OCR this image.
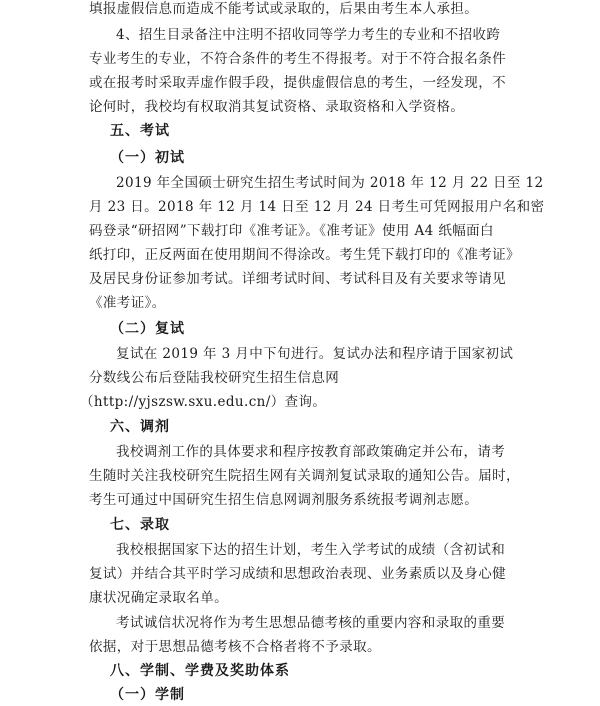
填报虚假信息而造成不能考试或录取的，后果由考生本人承担。
4、招生目录备注中注明不招收同等学力考生的专业和不招收跨
专业考生的专业，不符合条件的考生不得报考。对于不符合报名条件
或在报考时采取弄虚作假手段，提供虚假信息的考生，一经发现，不
论何时，我校均有权取消其复试资格、录取资格和入学资格。
五、考试
（一）初试
2019 年全国硕士研究生招生考试时间为 2018 年 12 月 22 日至 12
月 23 日。2018 年 12 月 14 日至 12 月 24 日考生可凭网报用户名和密
码登录“研招网”下载打印《准考证》。《准考证》使用 A4 纸幅面白
纸打印，正反两面在使用期间不得涂改。考生凭下载打印的《准考证》
及居民身份证参加考试。详细考试时间、考试科目及有关要求等请见
《准考证》。
（二）复试
复试在 2019 年 3 月中下旬进行。复试办法和程序请于国家初试
分数线公布后登陆我校研究生招生信息网
（http://yjszsw.sxu.edu.cn/）查询。
六、调剂
我校调剂工作的具体要求和程序按教育部政策确定并公布，请考
生随时关注我校研究生院招生网有关调剂复试录取的通知公告。届时，
考生可通过中国研究生招生信息网调剂服务系统报考调剂志愿。
七、录取
我校根据国家下达的招生计划，考生入学考试的成绩（含初试和
复试）并结合其平时学习成绩和思想政治表现、业务素质以及身心健
康状况确定录取名单。
考试诚信状况将作为考生思想品德考核的重要内容和录取的重要
依据，对于思想品德考核不合格者将不予录取。
八、学制、学费及奖助体系
（一）学制
